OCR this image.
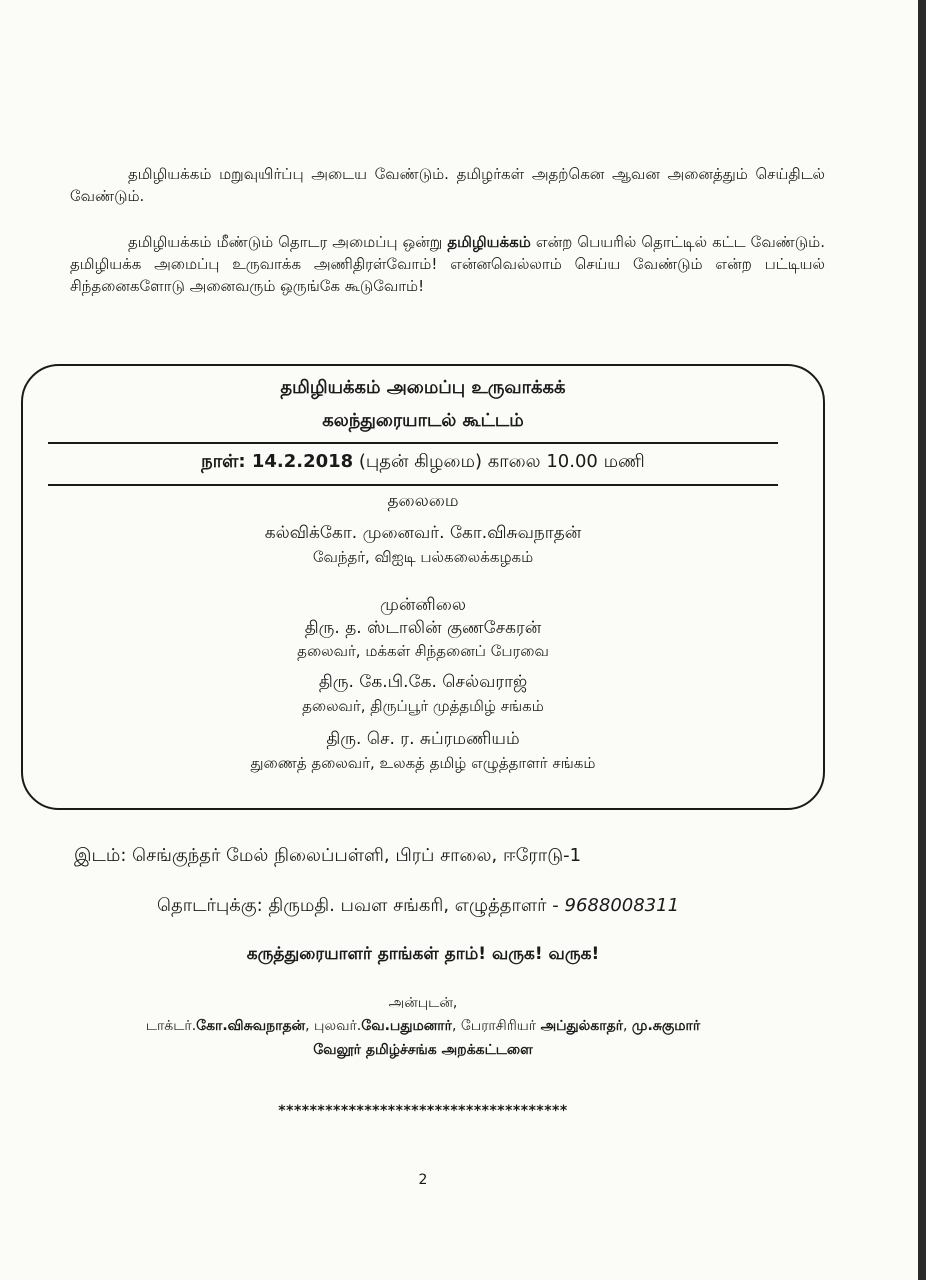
தமிழியக்கம் மறுவுயிர்ப்பு அடைய வேண்டும். தமிழர்கள் அதற்கென ஆவன அனைத்தும் செய்திடல் வேண்டும்.
தமிழியக்கம் மீண்டும் தொடர அமைப்பு ஒன்று தமிழியக்கம் என்ற பெயரில் தொட்டில் கட்ட வேண்டும். தமிழியக்க அமைப்பு உருவாக்க அணிதிரள்வோம்! என்னவெல்லாம் செய்ய வேண்டும் என்ற பட்டியல் சிந்தனைகளோடு அனைவரும் ஒருங்கே கூடுவோம்!
தமிழியக்கம் அமைப்பு உருவாக்கக்
கலந்துரையாடல் கூட்டம்
நாள்: 14.2.2018 (புதன் கிழமை) காலை 10.00 மணி
தலைமை
கல்விக்கோ. முனைவர். கோ.விசுவநாதன்
வேந்தர், விஐடி பல்கலைக்கழகம்
முன்னிலை
திரு. த. ஸ்டாலின் குணசேகரன்
தலைவர், மக்கள் சிந்தனைப் பேரவை
திரு. கே.பி.கே. செல்வராஜ்
தலைவர், திருப்பூர் முத்தமிழ் சங்கம்
திரு. செ. ர. சுப்ரமணியம்
துணைத் தலைவர், உலகத் தமிழ் எழுத்தாளர் சங்கம்
இடம்: செங்குந்தர் மேல் நிலைப்பள்ளி, பிரப் சாலை, ஈரோடு-1
தொடர்புக்கு: திருமதி. பவள சங்கரி, எழுத்தாளர் - 9688008311
கருத்துரையாளர் தாங்கள் தாம்! வருக! வருக!
அன்புடன்,
டாக்டர்.கோ.விசுவநாதன், புலவர்.வே.பதுமனார், பேராசிரியர் அப்துல்காதர், மு.சுகுமார்
வேலூர் தமிழ்ச்சங்க அறக்கட்டளை
*************************************
2
